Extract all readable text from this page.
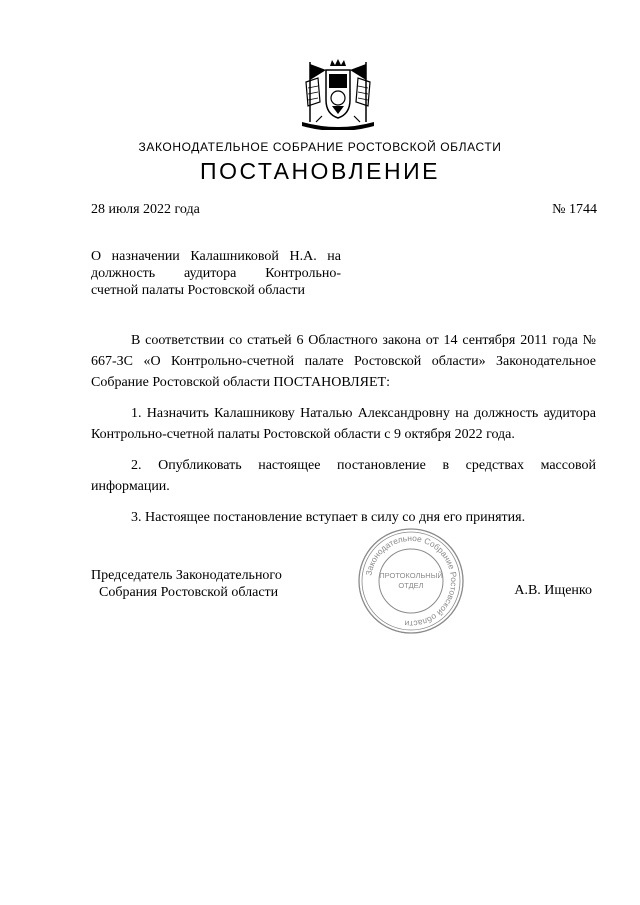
ЗАКОНОДАТЕЛЬНОЕ СОБРАНИЕ РОСТОВСКОЙ ОБЛАСТИ
ПОСТАНОВЛЕНИЕ
28 июля 2022 года	№ 1744
О назначении Калашниковой Н.А. на
должность аудитора Контрольно-
счетной палаты Ростовской области

В соответствии со статьей 6 Областного закона от 14 сентября 2011 года № 667-ЗС «О Контрольно-счетной палате Ростовской области» Законодательное Собрание Ростовской области ПОСТАНОВЛЯЕТ:

1. Назначить Калашникову Наталью Александровну на должность аудитора Контрольно-счетной палаты Ростовской области с 9 октября 2022 года.

2. Опубликовать настоящее постановление в средствах массовой информации.

3. Настоящее постановление вступает в силу со дня его принятия.

Председатель Законодательного
Собрания Ростовской области
Законодательное Собрание Ростовской области
ПРОТОКОЛЬНЫЙ
ОТДЕЛ	А.В. Ищенко
